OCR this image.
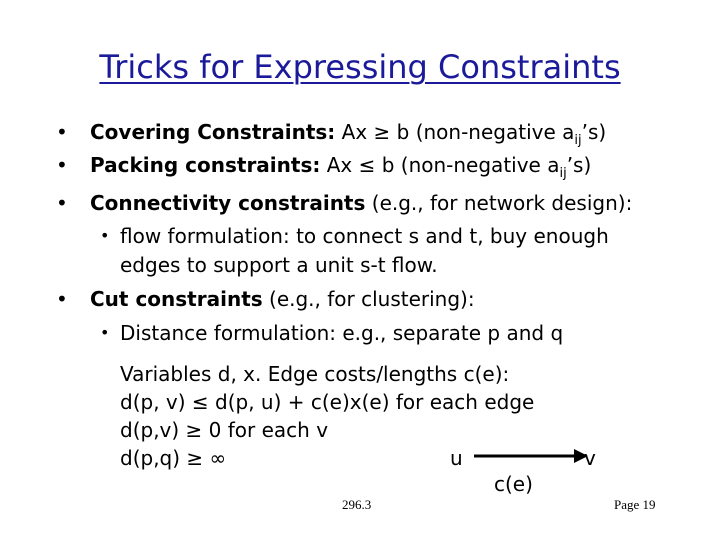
Tricks for Expressing Constraints
• Covering Constraints: Ax ≥ b (non-negative $a_{ij}’s$)
• Packing constraints: Ax ≤ b (non-negative $a_{ij}’s$)
• Connectivity constraints (e.g., for network design):
• flow formulation: to connect s and t, buy enough
edges to support a unit s-t flow.
• Cut constraints (e.g., for clustering):
• Distance formulation: e.g., separate p and q
Variables d, x. Edge costs/lengths c(e):
d(p, v) ≤ d(p, u) + c(e)x(e) for each edge
d(p,v) ≥ 0 for each v
d(p,q) ≥ ∞	u	v
c(e)
296.3	Page 19
